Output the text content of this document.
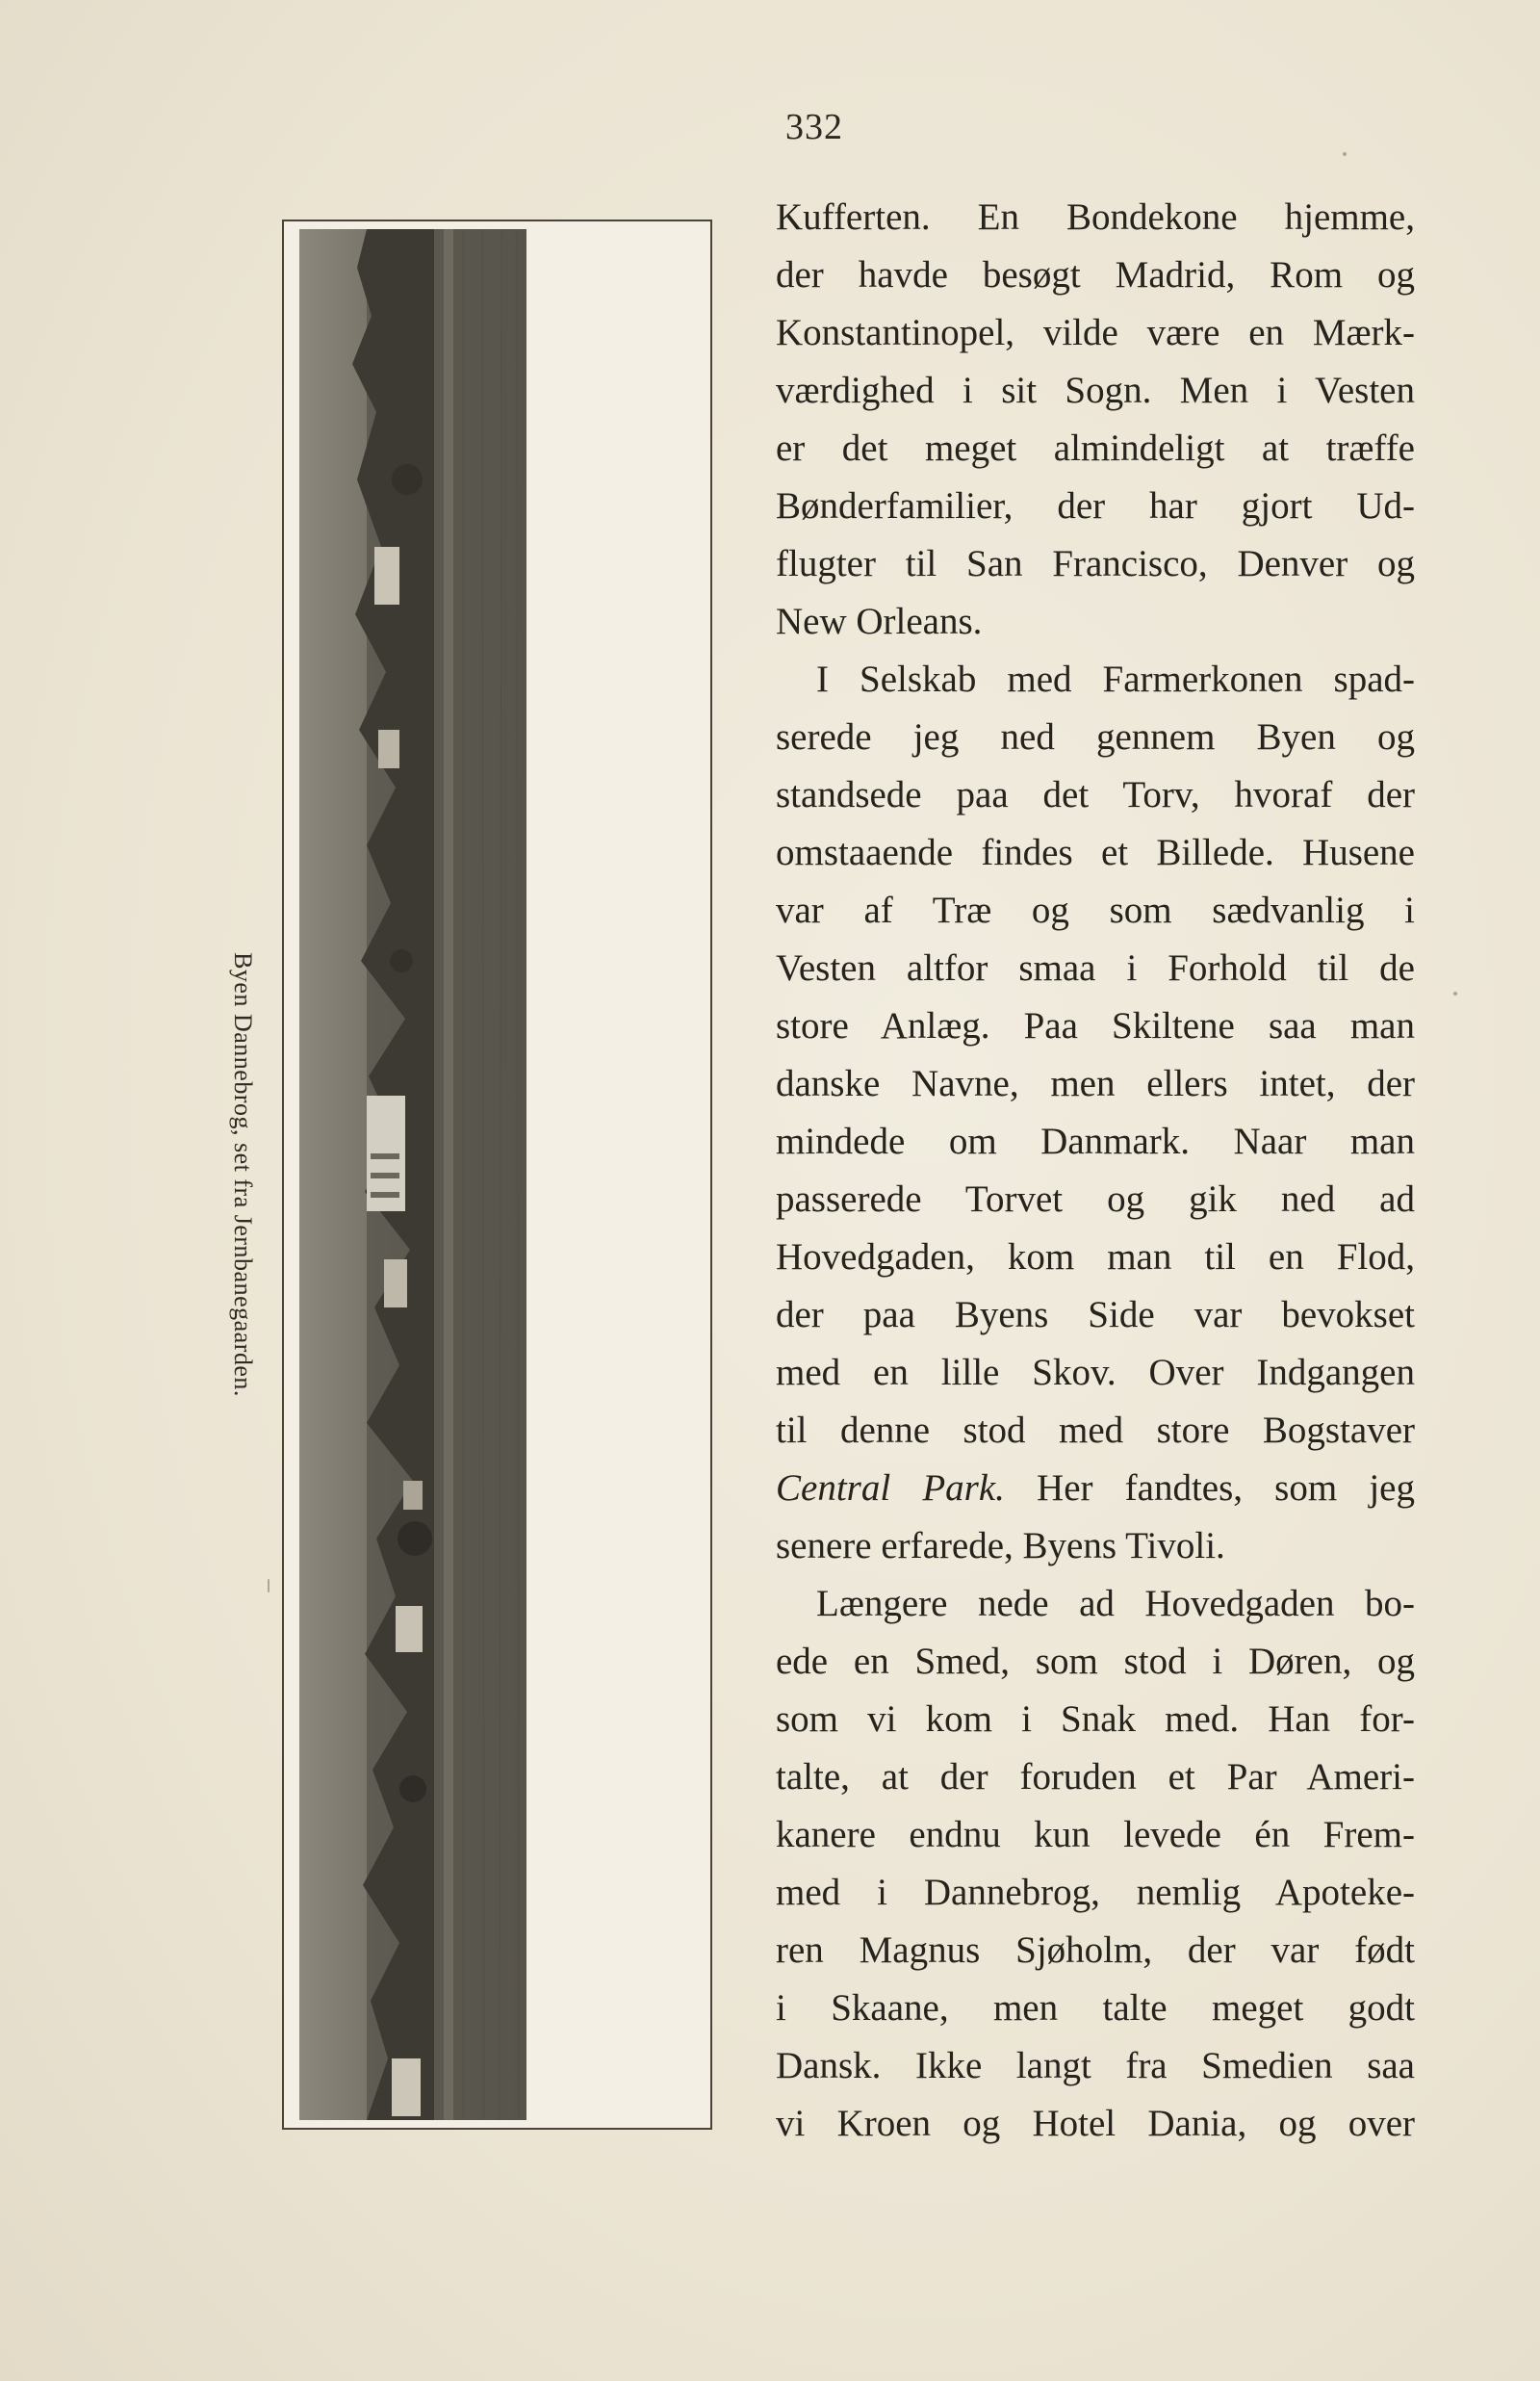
332
Byen Dannebrog, set fra Jernbanegaarden.
Kufferten. En Bondekone hjemme,
der havde besøgt Madrid, Rom og
Konstantinopel, vilde være en Mærk-
værdighed i sit Sogn. Men i Vesten
er det meget almindeligt at træffe
Bønderfamilier, der har gjort Ud-
flugter til San Francisco, Denver og
New Orleans.
I Selskab med Farmerkonen spad-
serede jeg ned gennem Byen og
standsede paa det Torv, hvoraf der
omstaaende findes et Billede. Husene
var af Træ og som sædvanlig i
Vesten altfor smaa i Forhold til de
store Anlæg. Paa Skiltene saa man
danske Navne, men ellers intet, der
mindede om Danmark. Naar man
passerede Torvet og gik ned ad
Hovedgaden, kom man til en Flod,
der paa Byens Side var bevokset
med en lille Skov. Over Indgangen
til denne stod med store Bogstaver
Central Park. Her fandtes, som jeg
senere erfarede, Byens Tivoli.
Længere nede ad Hovedgaden bo-
ede en Smed, som stod i Døren, og
som vi kom i Snak med. Han for-
talte, at der foruden et Par Ameri-
kanere endnu kun levede én Frem-
med i Dannebrog, nemlig Apoteke-
ren Magnus Sjøholm, der var født
i Skaane, men talte meget godt
Dansk. Ikke langt fra Smedien saa
vi Kroen og Hotel Dania, og over
